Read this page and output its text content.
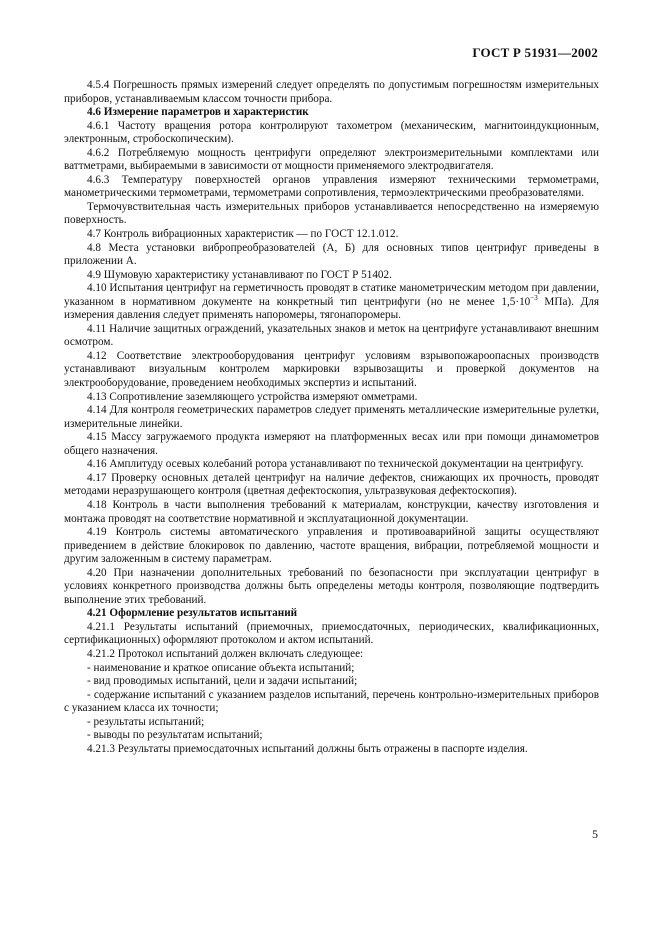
ГОСТ Р 51931—2002

4.5.4 Погрешность прямых измерений следует определять по допустимым погрешностям измерительных приборов, устанавливаемым классом точности прибора.

4.6 Измерение параметров и характеристик

4.6.1 Частоту вращения ротора контролируют тахометром (механическим, магнитоиндукционным, электронным, стробоскопическим).

4.6.2 Потребляемую мощность центрифуги определяют электроизмерительными комплектами или ваттметрами, выбираемыми в зависимости от мощности применяемого электродвигателя.

4.6.3 Температуру поверхностей органов управления измеряют техническими термометрами, манометрическими термометрами, термометрами сопротивления, термоэлектрическими преобразователями.

Термочувствительная часть измерительных приборов устанавливается непосредственно на измеряемую поверхность.

4.7 Контроль вибрационных характеристик — по ГОСТ 12.1.012.

4.8 Места установки вибропреобразователей (А, Б) для основных типов центрифуг приведены в приложении А.

4.9 Шумовую характеристику устанавливают по ГОСТ Р 51402.

4.10 Испытания центрифуг на герметичность проводят в статике манометрическим методом при давлении, указанном в нормативном документе на конкретный тип центрифуги (но не менее $1,5\cdot 10^{-3}$ МПа). Для измерения давления следует применять напоромеры, тягонапоромеры.

4.11 Наличие защитных ограждений, указательных знаков и меток на центрифуге устанавливают внешним осмотром.

4.12 Соответствие электрооборудования центрифуг условиям взрывопожароопасных производств устанавливают визуальным контролем маркировки взрывозащиты и проверкой документов на электрооборудование, проведением необходимых экспертиз и испытаний.

4.13 Сопротивление заземляющего устройства измеряют омметрами.

4.14 Для контроля геометрических параметров следует применять металлические измерительные рулетки, измерительные линейки.

4.15 Массу загружаемого продукта измеряют на платформенных весах или при помощи динамометров общего назначения.

4.16 Амплитуду осевых колебаний ротора устанавливают по технической документации на центрифугу.

4.17 Проверку основных деталей центрифуг на наличие дефектов, снижающих их прочность, проводят методами неразрушающего контроля (цветная дефектоскопия, ультразвуковая дефектоскопия).

4.18 Контроль в части выполнения требований к материалам, конструкции, качеству изготовления и монтажа проводят на соответствие нормативной и эксплуатационной документации.

4.19 Контроль системы автоматического управления и противоаварийной защиты осуществляют приведением в действие блокировок по давлению, частоте вращения, вибрации, потребляемой мощности и другим заложенным в систему параметрам.

4.20 При назначении дополнительных требований по безопасности при эксплуатации центрифуг в условиях конкретного производства должны быть определены методы контроля, позволяющие подтвердить выполнение этих требований.

4.21 Оформление результатов испытаний

4.21.1 Результаты испытаний (приемочных, приемосдаточных, периодических, квалификационных, сертификационных) оформляют протоколом и актом испытаний.

4.21.2 Протокол испытаний должен включать следующее:

- наименование и краткое описание объекта испытаний;

- вид проводимых испытаний, цели и задачи испытаний;

- содержание испытаний с указанием разделов испытаний, перечень контрольно-измерительных приборов с указанием класса их точности;

- результаты испытаний;

- выводы по результатам испытаний;

4.21.3 Результаты приемосдаточных испытаний должны быть отражены в паспорте изделия.

5
